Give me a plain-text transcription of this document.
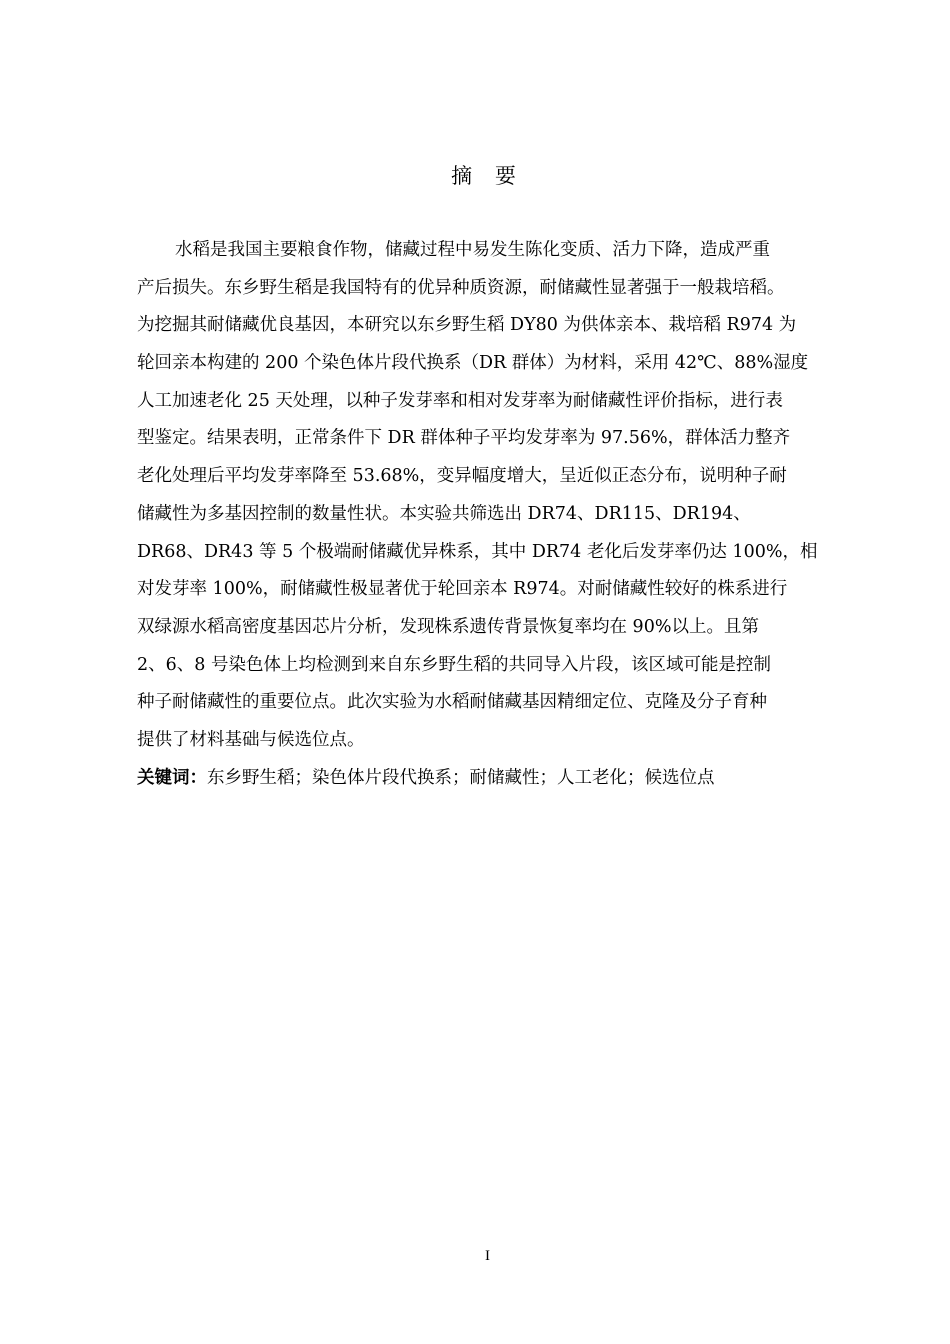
摘 要
水稻是我国主要粮食作物，储藏过程中易发生陈化变质、活力下降，造成严重
产后损失。东乡野生稻是我国特有的优异种质资源，耐储藏性显著强于一般栽培稻。
为挖掘其耐储藏优良基因，本研究以东乡野生稻 DY80 为供体亲本、栽培稻 R974 为
轮回亲本构建的 200 个染色体片段代换系（DR 群体）为材料，采用 42℃、88%湿度
人工加速老化 25 天处理，以种子发芽率和相对发芽率为耐储藏性评价指标，进行表
型鉴定。结果表明，正常条件下 DR 群体种子平均发芽率为 97.56%，群体活力整齐
老化处理后平均发芽率降至 53.68%，变异幅度增大，呈近似正态分布，说明种子耐
储藏性为多基因控制的数量性状。本实验共筛选出 DR74、DR115、DR194、
DR68、DR43 等 5 个极端耐储藏优异株系，其中 DR74 老化后发芽率仍达 100%，相
对发芽率 100%，耐储藏性极显著优于轮回亲本 R974。对耐储藏性较好的株系进行
双绿源水稻高密度基因芯片分析，发现株系遗传背景恢复率均在 90%以上。且第
2、6、8 号染色体上均检测到来自东乡野生稻的共同导入片段，该区域可能是控制
种子耐储藏性的重要位点。此次实验为水稻耐储藏基因精细定位、克隆及分子育种
提供了材料基础与候选位点。
关键词：东乡野生稻；染色体片段代换系；耐储藏性；人工老化；候选位点
I
